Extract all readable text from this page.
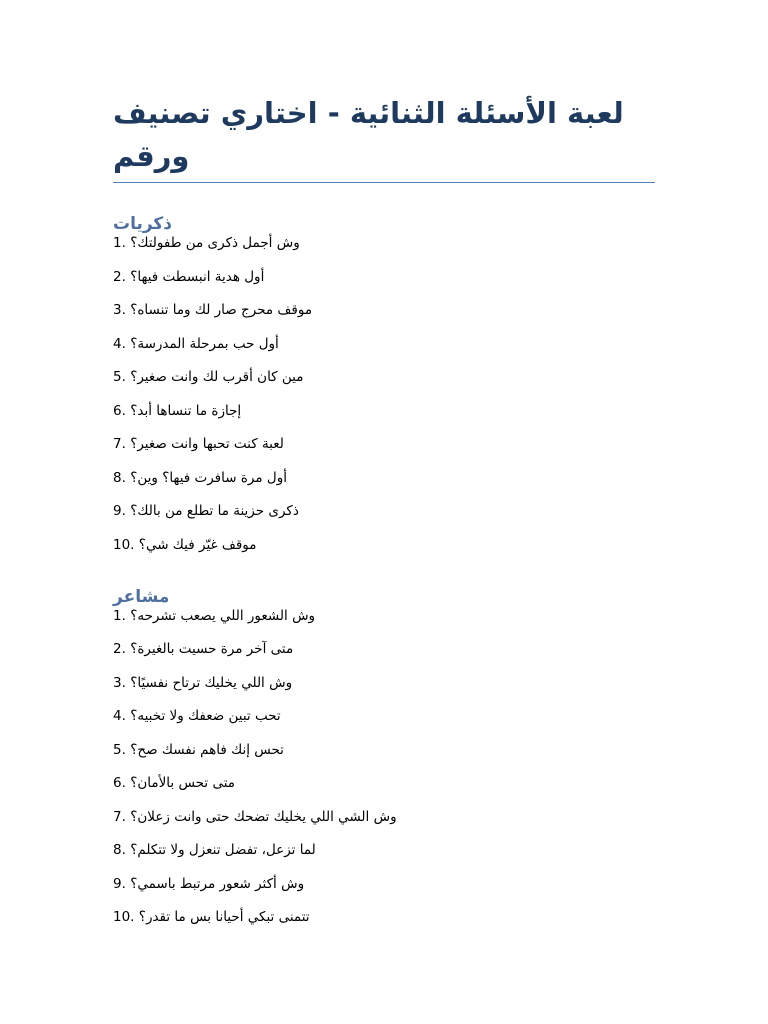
لعبة الأسئلة الثنائية - اختاري تصنيف ورقم
ذكريات
1. وش أجمل ذكرى من طفولتك؟
2. أول هدية انبسطت فيها؟
3. موقف محرج صار لك وما تنساه؟
4. أول حب بمرحلة المدرسة؟
5. مين كان أقرب لك وانت صغير؟
6. إجازة ما تنساها أبد؟
7. لعبة كنت تحبها وانت صغير؟
8. أول مرة سافرت فيها؟ وين؟
9. ذكرى حزينة ما تطلع من بالك؟
10. موقف غيّر فيك شي؟
مشاعر
1. وش الشعور اللي يصعب تشرحه؟
2. متى آخر مرة حسيت بالغيرة؟
3. وش اللي يخليك ترتاح نفسيًا؟
4. تحب تبين ضعفك ولا تخبيه؟
5. تحس إنك فاهم نفسك صح؟
6. متى تحس بالأمان؟
7. وش الشي اللي يخليك تضحك حتى وانت زعلان؟
8. لما تزعل، تفضل تنعزل ولا تتكلم؟
9. وش أكثر شعور مرتبط باسمي؟
10. تتمنى تبكي أحيانا بس ما تقدر؟
